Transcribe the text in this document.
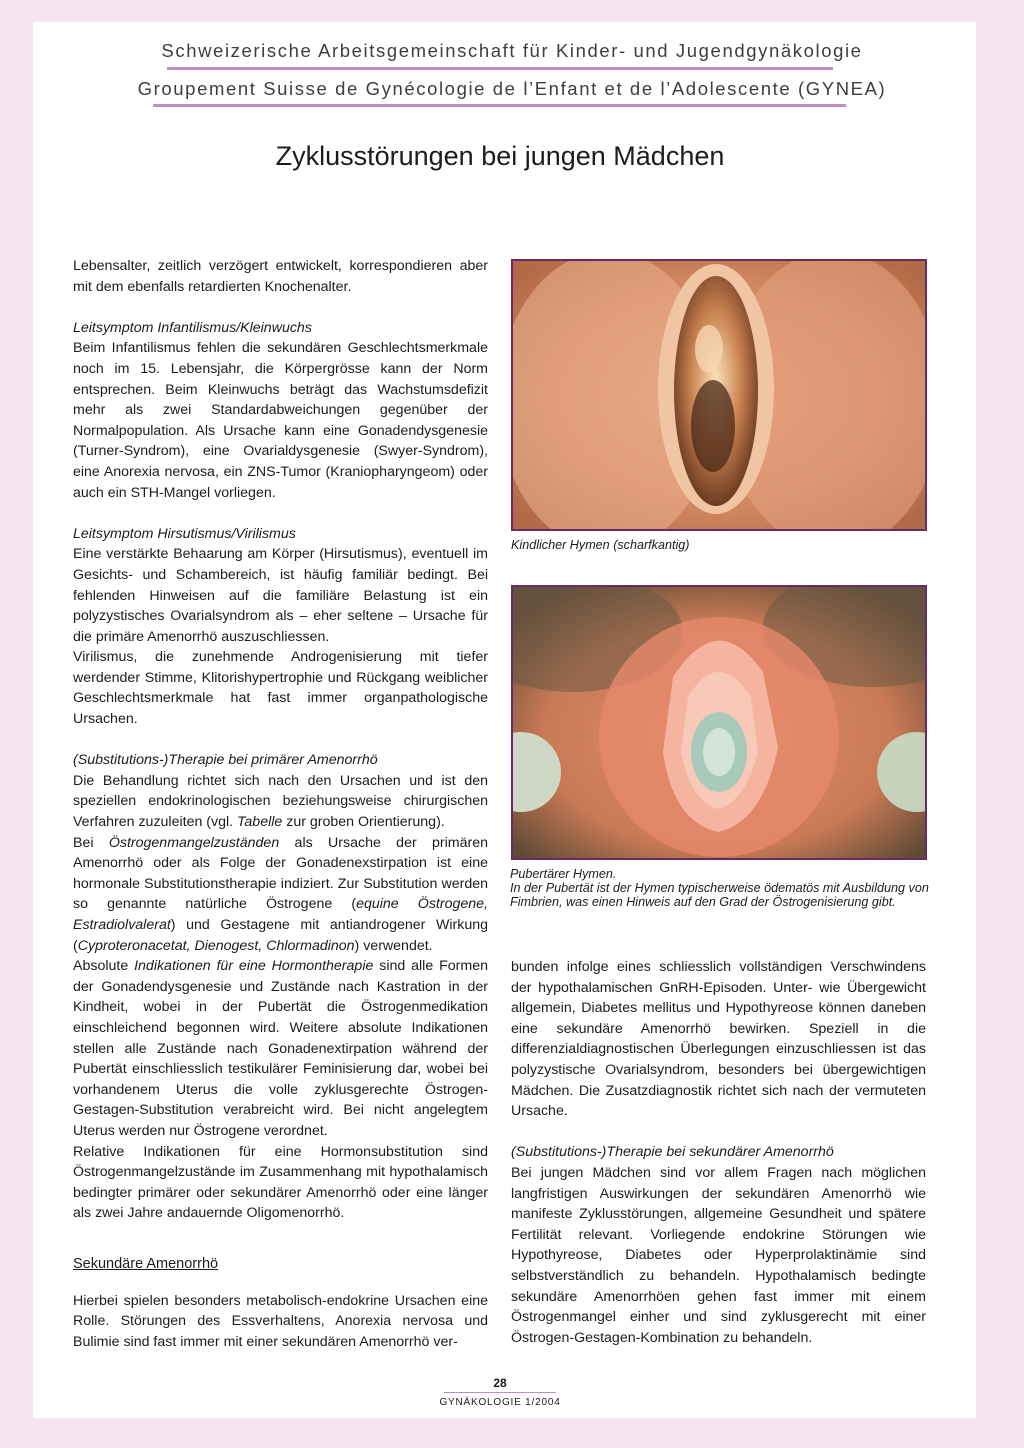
Schweizerische Arbeitsgemeinschaft für Kinder- und Jugendgynäkologie

Groupement Suisse de Gynécologie de l’Enfant et de l’Adolescente (GYNEA)

Zyklusstörungen bei jungen Mädchen

Lebensalter, zeitlich verzögert entwickelt, korrespondieren aber mit dem ebenfalls retardierten Knochenalter.

Leitsymptom Infantilismus/Kleinwuchs

Beim Infantilismus fehlen die sekundären Geschlechtsmerkmale noch im 15. Lebensjahr, die Körpergrösse kann der Norm entsprechen. Beim Kleinwuchs beträgt das Wachstumsdefizit mehr als zwei Standardabweichungen gegenüber der Normalpopulation. Als Ursache kann eine Gonadendysgenesie (Turner-Syndrom), eine Ovarialdysgenesie (Swyer-Syndrom), eine Anorexia nervosa, ein ZNS-Tumor (Kraniopharyngeom) oder auch ein STH-Mangel vorliegen.

Leitsymptom Hirsutismus/Virilismus

Eine verstärkte Behaarung am Körper (Hirsutismus), eventuell im Gesichts- und Schambereich, ist häufig familiär bedingt. Bei fehlenden Hinweisen auf die familiäre Belastung ist ein polyzystisches Ovarialsyndrom als – eher seltene – Ursache für die primäre Amenorrhö auszuschliessen.

Virilismus, die zunehmende Androgenisierung mit tiefer werdender Stimme, Klitorishypertrophie und Rückgang weiblicher Geschlechtsmerkmale hat fast immer organpathologische Ursachen.

(Substitutions-)Therapie bei primärer Amenorrhö

Die Behandlung richtet sich nach den Ursachen und ist den speziellen endokrinologischen beziehungsweise chirurgischen Verfahren zuzuleiten (vgl. Tabelle zur groben Orientierung).

Bei Östrogenmangelzuständen als Ursache der primären Amenorrhö oder als Folge der Gonadenexstirpation ist eine hormonale Substitutionstherapie indiziert. Zur Substitution werden so genannte natürliche Östrogene (equine Östrogene, Estradiolvalerat) und Gestagene mit antiandrogener Wirkung (Cyproteronacetat, Dienogest, Chlormadinon) verwendet.

Absolute Indikationen für eine Hormontherapie sind alle Formen der Gonadendysgenesie und Zustände nach Kastration in der Kindheit, wobei in der Pubertät die Östrogenmedikation einschleichend begonnen wird. Weitere absolute Indikationen stellen alle Zustände nach Gonadenextirpation während der Pubertät einschliesslich testikulärer Feminisierung dar, wobei bei vorhandenem Uterus die volle zyklusgerechte Östrogen-Gestagen-Substitution verabreicht wird. Bei nicht angelegtem Uterus werden nur Östrogene verordnet.

Relative Indikationen für eine Hormonsubstitution sind Östrogenmangelzustände im Zusammenhang mit hypothalamisch bedingter primärer oder sekundärer Amenorrhö oder eine länger als zwei Jahre andauernde Oligomenorrhö.

Sekundäre Amenorrhö

Hierbei spielen besonders metabolisch-endokrine Ursachen eine Rolle. Störungen des Essverhaltens, Anorexia nervosa und Bulimie sind fast immer mit einer sekundären Amenorrhö ver-

Kindlicher Hymen (scharfkantig)
Pubertärer Hymen.
In der Pubertät ist der Hymen typischerweise ödematös mit Ausbildung von Fimbrien, was einen Hinweis auf den Grad der Östrogenisierung gibt.

bunden infolge eines schliesslich vollständigen Verschwindens der hypothalamischen GnRH-Episoden. Unter- wie Übergewicht allgemein, Diabetes mellitus und Hypothyreose können daneben eine sekundäre Amenorrhö bewirken. Speziell in die differenzialdiagnostischen Überlegungen einzuschliessen ist das polyzystische Ovarialsyndrom, besonders bei übergewichtigen Mädchen. Die Zusatzdiagnostik richtet sich nach der vermuteten Ursache.

(Substitutions-)Therapie bei sekundärer Amenorrhö

Bei jungen Mädchen sind vor allem Fragen nach möglichen langfristigen Auswirkungen der sekundären Amenorrhö wie manifeste Zyklusstörungen, allgemeine Gesundheit und spätere Fertilität relevant. Vorliegende endokrine Störungen wie Hypothyreose, Diabetes oder Hyperprolaktinämie sind selbstverständlich zu behandeln. Hypothalamisch bedingte sekundäre Amenorrhöen gehen fast immer mit einem Östrogenmangel einher und sind zyklusgerecht mit einer Östrogen-Gestagen-Kombination zu behandeln.

28

GYNÄKOLOGIE 1/2004
